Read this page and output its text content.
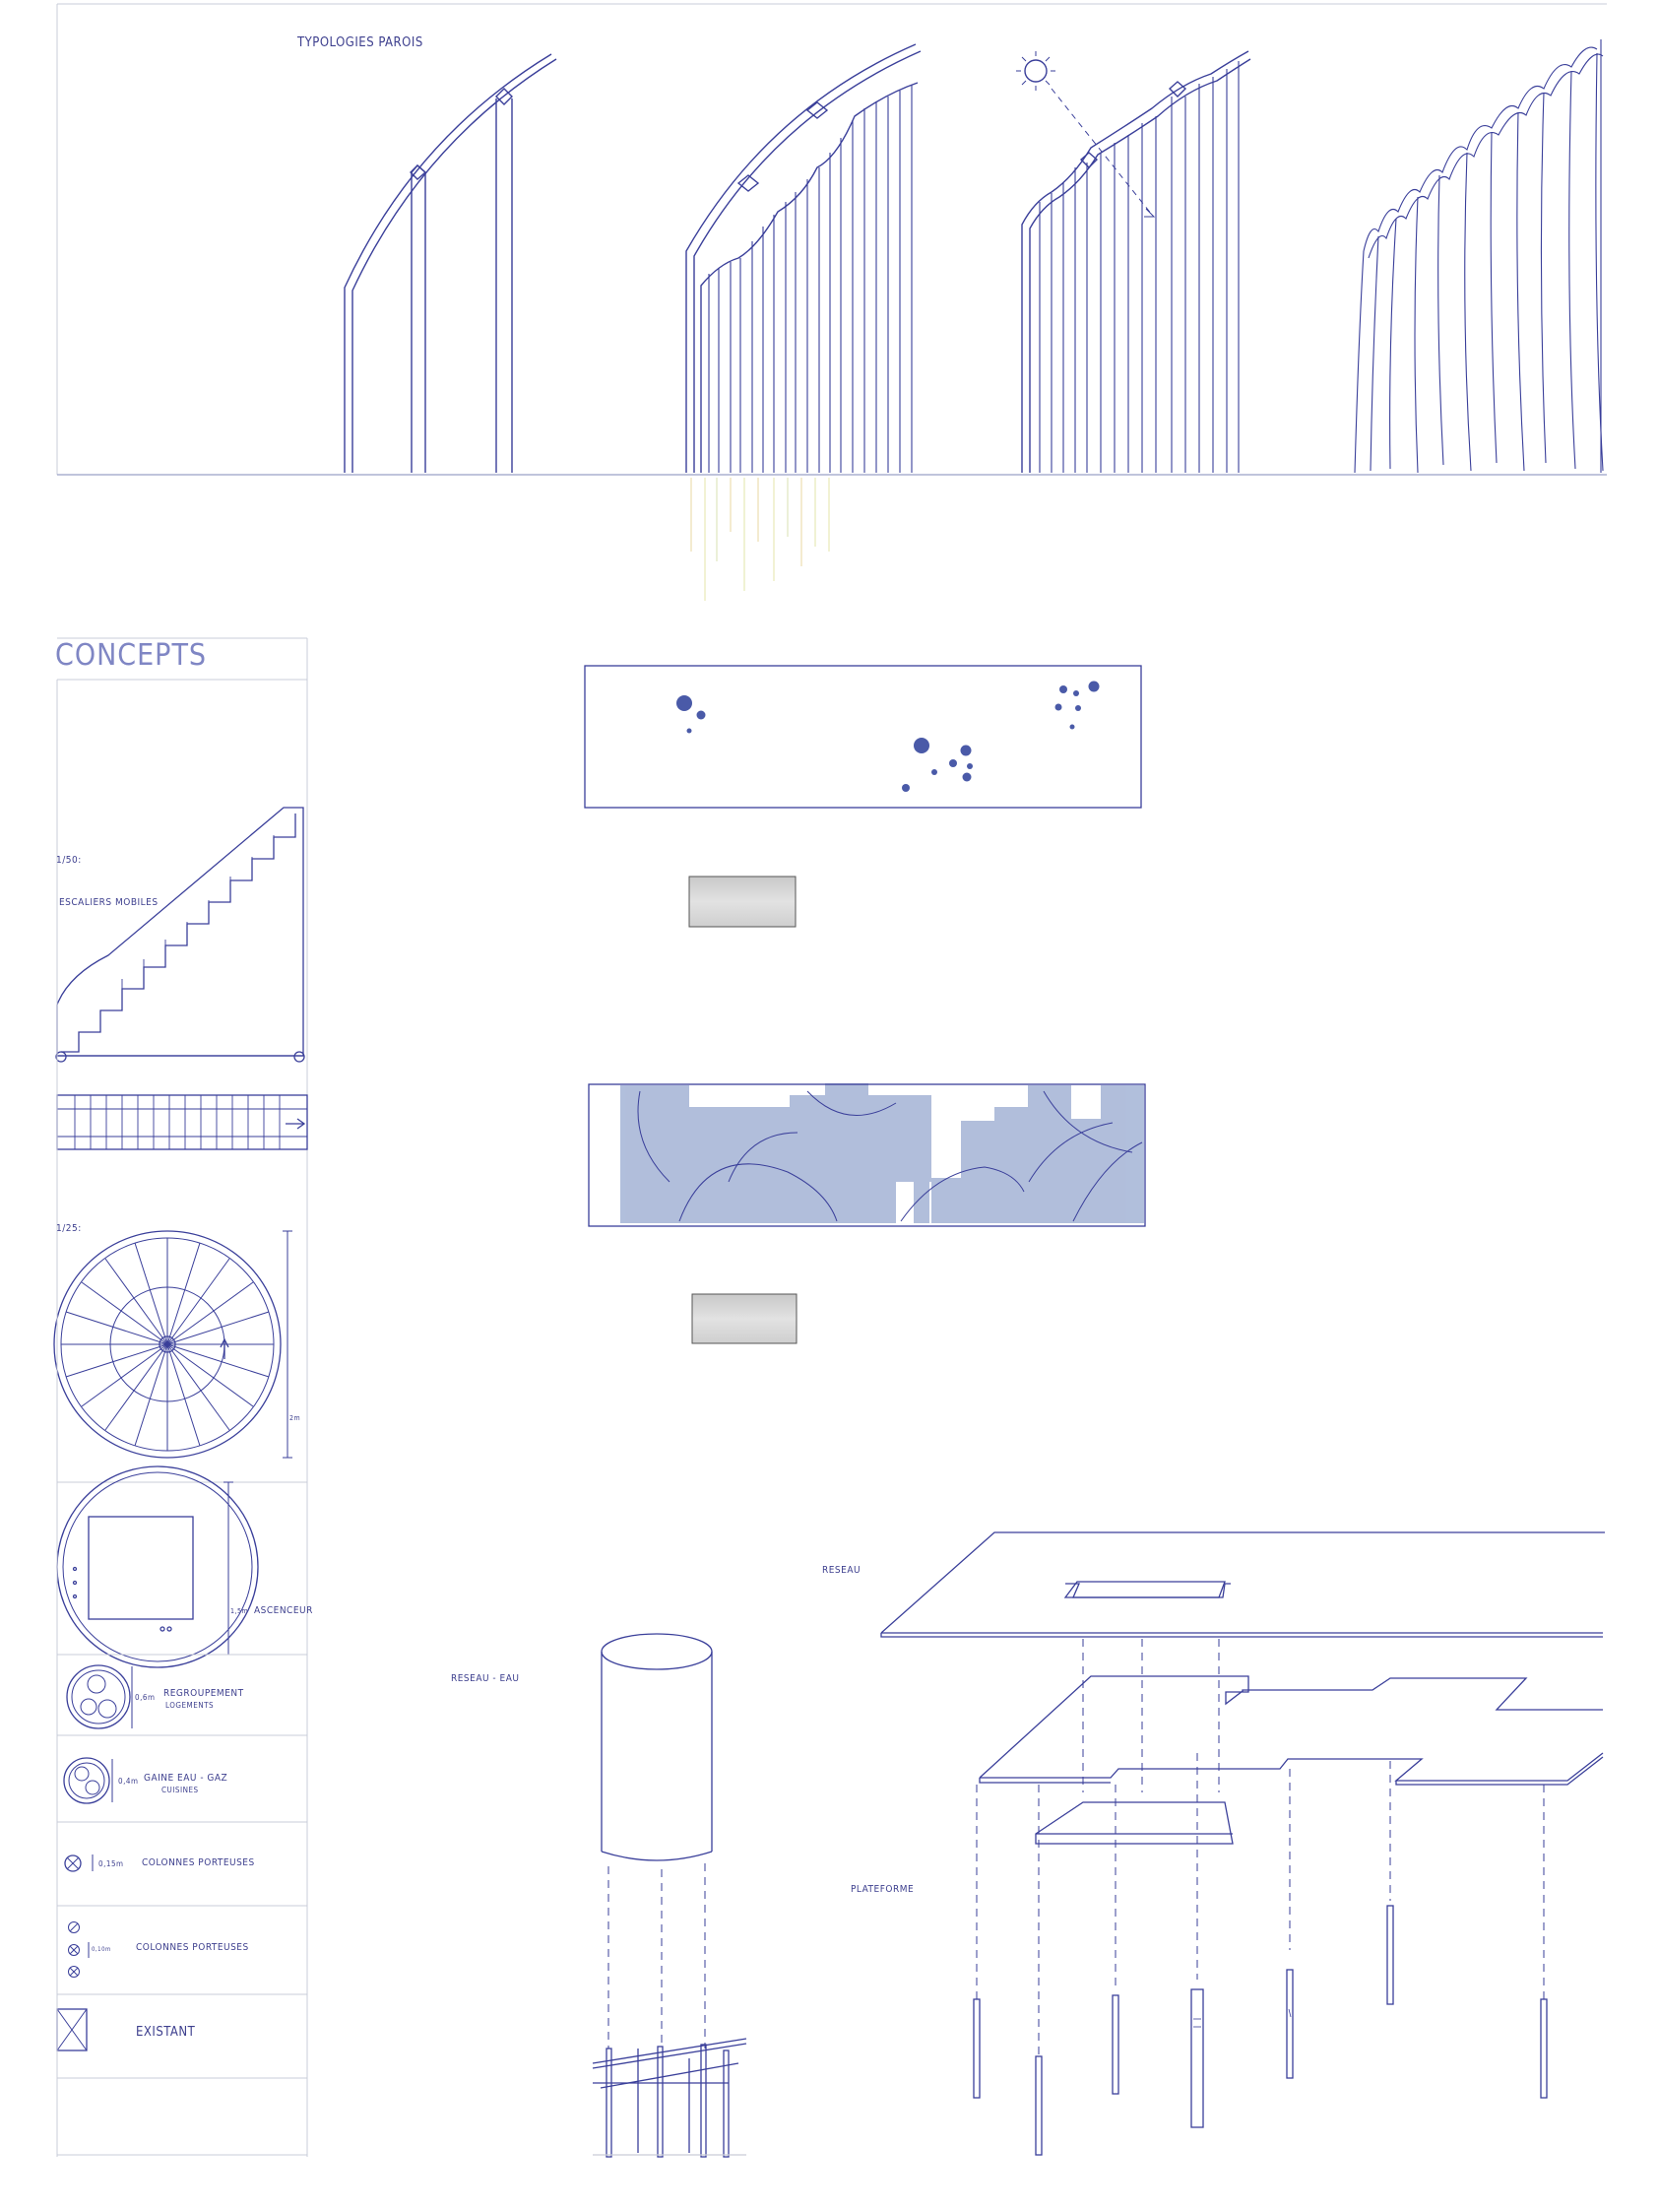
TYPOLOGIES PAROIS
CONCEPTS
1/50:
ESCALIERS MOBILES
1/25:
2m
1,5m ASCENCEUR
0,6m REGROUPEMENT
LOGEMENTS
0,4m GAINE EAU - GAZ
CUISINES
0,15m COLONNES PORTEUSES
0,10m	COLONNES PORTEUSES
EXISTANT
RESEAU - EAU
RESEAU
PLATEFORME
